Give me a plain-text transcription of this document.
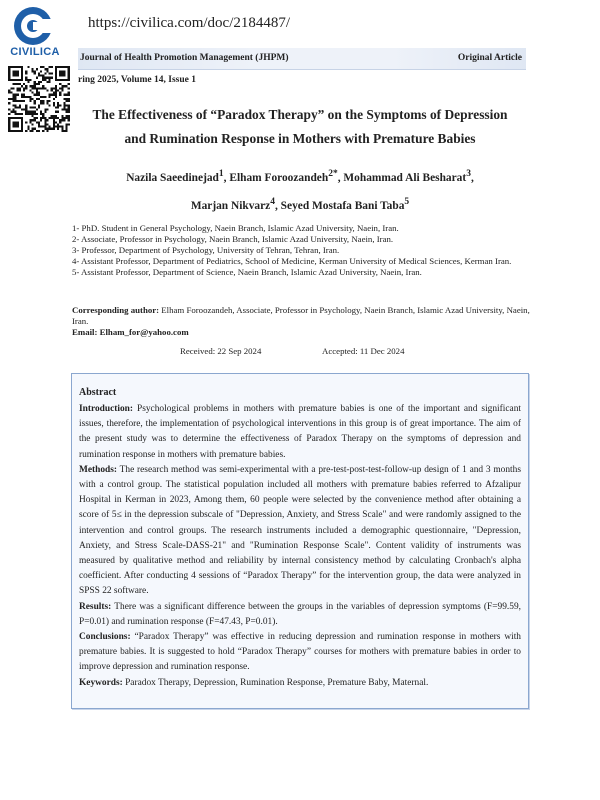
CIVILICA
https://civilica.com/doc/2184487/
Journal of Health Promotion Management (JHPM)	Original Article
ring 2025, Volume 14, Issue 1
The Effectiveness of “Paradox Therapy” on the Symptoms of Depression
and Rumination Response in Mothers with Premature Babies
Nazila Saeedinejad$^1$, Elham Foroozandeh$^{2*}$, Mohammad Ali Besharat$^3$,
Marjan Nikvarz$^4$, Seyed Mostafa Bani Taba$^5$
1- PhD. Student in General Psychology, Naein Branch, Islamic Azad University, Naein, Iran.
2- Associate, Professor in Psychology, Naein Branch, Islamic Azad University, Naein, Iran.
3- Professor, Department of Psychology, University of Tehran, Tehran, Iran.
4- Assistant Professor, Department of Pediatrics, School of Medicine, Kerman University of Medical Sciences, Kerman Iran.
5- Assistant Professor, Department of Science, Naein Branch, Islamic Azad University, Naein, Iran.
Corresponding author: Elham Foroozandeh, Associate, Professor in Psychology, Naein Branch, Islamic Azad University, Naein, Iran.
Email: Elham_for@yahoo.com
Received: 22 Sep 2024	Accepted: 11 Dec 2024
Abstract

Introduction: Psychological problems in mothers with premature babies is one of the important and significant issues, therefore, the implementation of psychological interventions in this group is of great importance. The aim of the present study was to determine the effectiveness of Paradox Therapy on the symptoms of depression and rumination response in mothers with premature babies.

Methods: The research method was semi-experimental with a pre-test-post-test-follow-up design of 1 and 3 months with a control group. The statistical population included all mothers with premature babies referred to Afzalipur Hospital in Kerman in 2023, Among them, 60 people were selected by the convenience method after obtaining a score of 5≤ in the depression subscale of "Depression, Anxiety, and Stress Scale" and were randomly assigned to the intervention and control groups. The research instruments included a demographic questionnaire, "Depression, Anxiety, and Stress Scale-DASS-21" and "Rumination Response Scale". Content validity of instruments was measured by qualitative method and reliability by internal consistency method by calculating Cronbach's alpha coefficient. After conducting 4 sessions of “Paradox Therapy” for the intervention group, the data were analyzed in SPSS 22 software.

Results: There was a significant difference between the groups in the variables of depression symptoms (F=99.59, P=0.01) and rumination response (F=47.43, P=0.01).

Conclusions: “Paradox Therapy” was effective in reducing depression and rumination response in mothers with premature babies. It is suggested to hold “Paradox Therapy” courses for mothers with premature babies in order to improve depression and rumination response.

Keywords: Paradox Therapy, Depression, Rumination Response, Premature Baby, Maternal.
